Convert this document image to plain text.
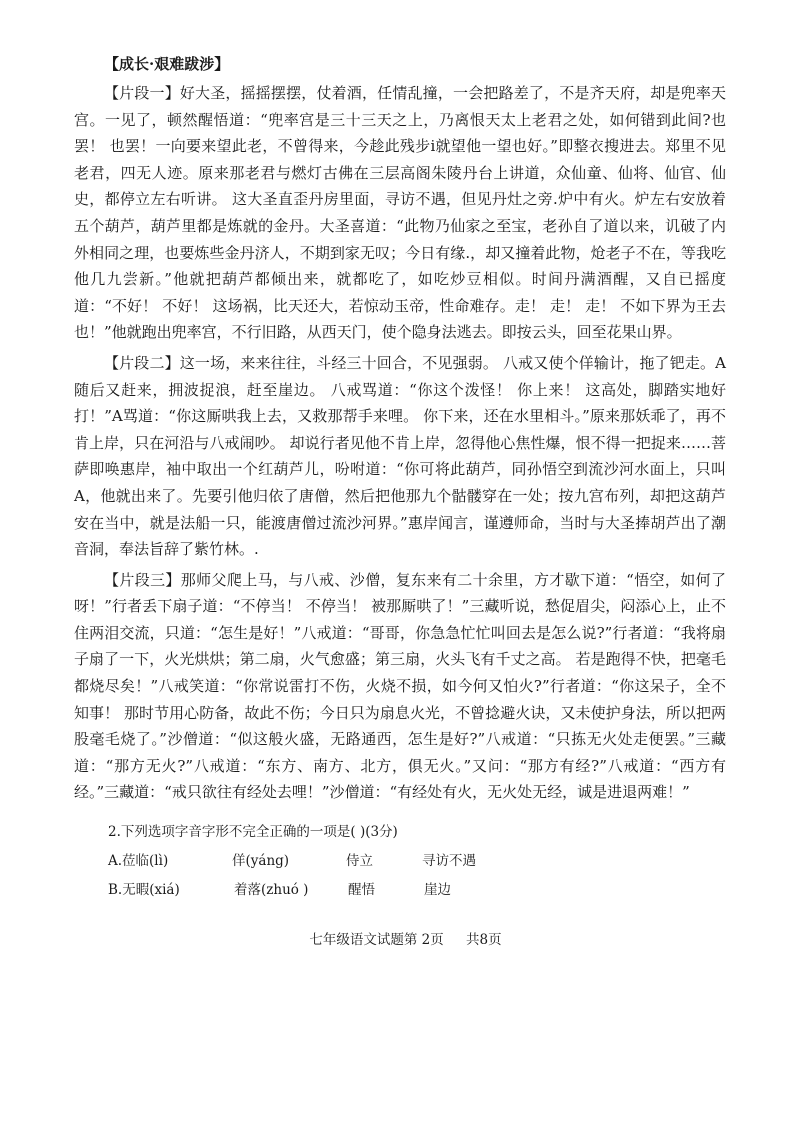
【成长·艰难跋涉】

【片段一】好大圣，摇摇摆摆，仗着酒，任情乱撞，一会把路差了，不是齐天府，却是兜率天宫。一见了，顿然醒悟道：“兜率宫是三十三天之上，乃离恨天太上老君之处，如何错到此间?也罢！ 也罢！一向要来望此老，不曾得来，今趁此残步i就望他一望也好。”即整衣搜进去。郑里不见老君，四无人迹。原来那老君与燃灯古佛在三层高阁朱陵丹台上讲道，众仙童、仙将、仙官、仙史，都停立左右听讲。 这大圣直歪丹房里面，寻访不遇，但见丹灶之旁.炉中有火。炉左右安放着五个葫芦，葫芦里都是炼就的金丹。大圣喜道：“此物乃仙家之至宝，老孙自了道以来，讥破了内外相同之理，也要炼些金丹济人，不期到家无叹；今日有缘.，却又撞着此物，炝老子不在，等我吃他几九尝新。”他就把葫芦都倾出来，就都吃了，如吃炒豆相似。时间丹满酒醒，又自已摇度道：“不好！ 不好！ 这场祸，比天还大，若惊动玉帝，性命难存。走！ 走！ 走！ 不如下界为王去也！”他就跑出兜率宫，不行旧路，从西天门，使个隐身法逃去。即按云头，回至花果山界。

【片段二】这一场，来来往往，斗经三十回合，不见强弱。 八戒又使个佯输计，拖了钯走。A 随后又赶来，拥波捉浪，赶至崖边。 八戒骂道：“你这个泼怪！ 你上来！ 这高处，脚踏实地好打！”A骂道：“你这厮哄我上去，又救那帮手来哩。 你下来，还在水里相斗。”原来那妖乖了，再不肯上岸，只在河沿与八戒闹吵。 却说行者见他不肯上岸，忽得他心焦性爆，恨不得一把捉来……菩萨即唤惠岸，袖中取出一个红葫芦儿，吩咐道：“你可将此葫芦，同孙悟空到流沙河水面上，只叫A，他就出来了。先要引他归依了唐僧，然后把他那九个骷髅穿在一处；按九宫布列，却把这葫芦安在当中，就是法船一只，能渡唐僧过流沙河界。”惠岸闻言，谨遵师命，当时与大圣捧胡芦出了潮音洞，奉法旨辞了紫竹林。.

【片段三】那师父爬上马，与八戒、沙僧，复东来有二十余里，方才歇下道：“悟空，如何了呀！”行者丢下扇子道：“不停当！ 不停当！ 被那厮哄了！”三藏听说，愁促眉尖，闷添心上，止不住两泪交流，只道：“怎生是好！”八戒道：“哥哥，你急急忙忙叫回去是怎么说?”行者道：“我将扇子扇了一下，火光烘烘；第二扇，火气愈盛；第三扇，火头飞有千丈之高。 若是跑得不快，把毫毛都烧尽矣！”八戒笑道：“你常说雷打不伤，火烧不损，如今何又怕火?”行者道：“你这呆子，全不知事！ 那时节用心防备，故此不伤；今日只为扇息火光，不曾捻避火诀，又未使护身法，所以把两股毫毛烧了。”沙僧道：“似这般火盛，无路通西，怎生是好?”八戒道：“只拣无火处走便罢。”三藏道：“那方无火?”八戒道：“东方、南方、北方，俱无火。”又问：“那方有经?”八戒道：“西方有经。”三藏道：“戒只欲往有经处去哩！”沙僧道：“有经处有火，无火处无经，诚是进退两难！”

2.下列选项字音字形不完全正确的一项是( )(3分)
A.莅临(lì)	佯(yáng)	侍立	寻访不遇
B.无暇(xiá)	着落(zhuó )	醒悟	崖边
七年级语文试题第 2页 共8页
